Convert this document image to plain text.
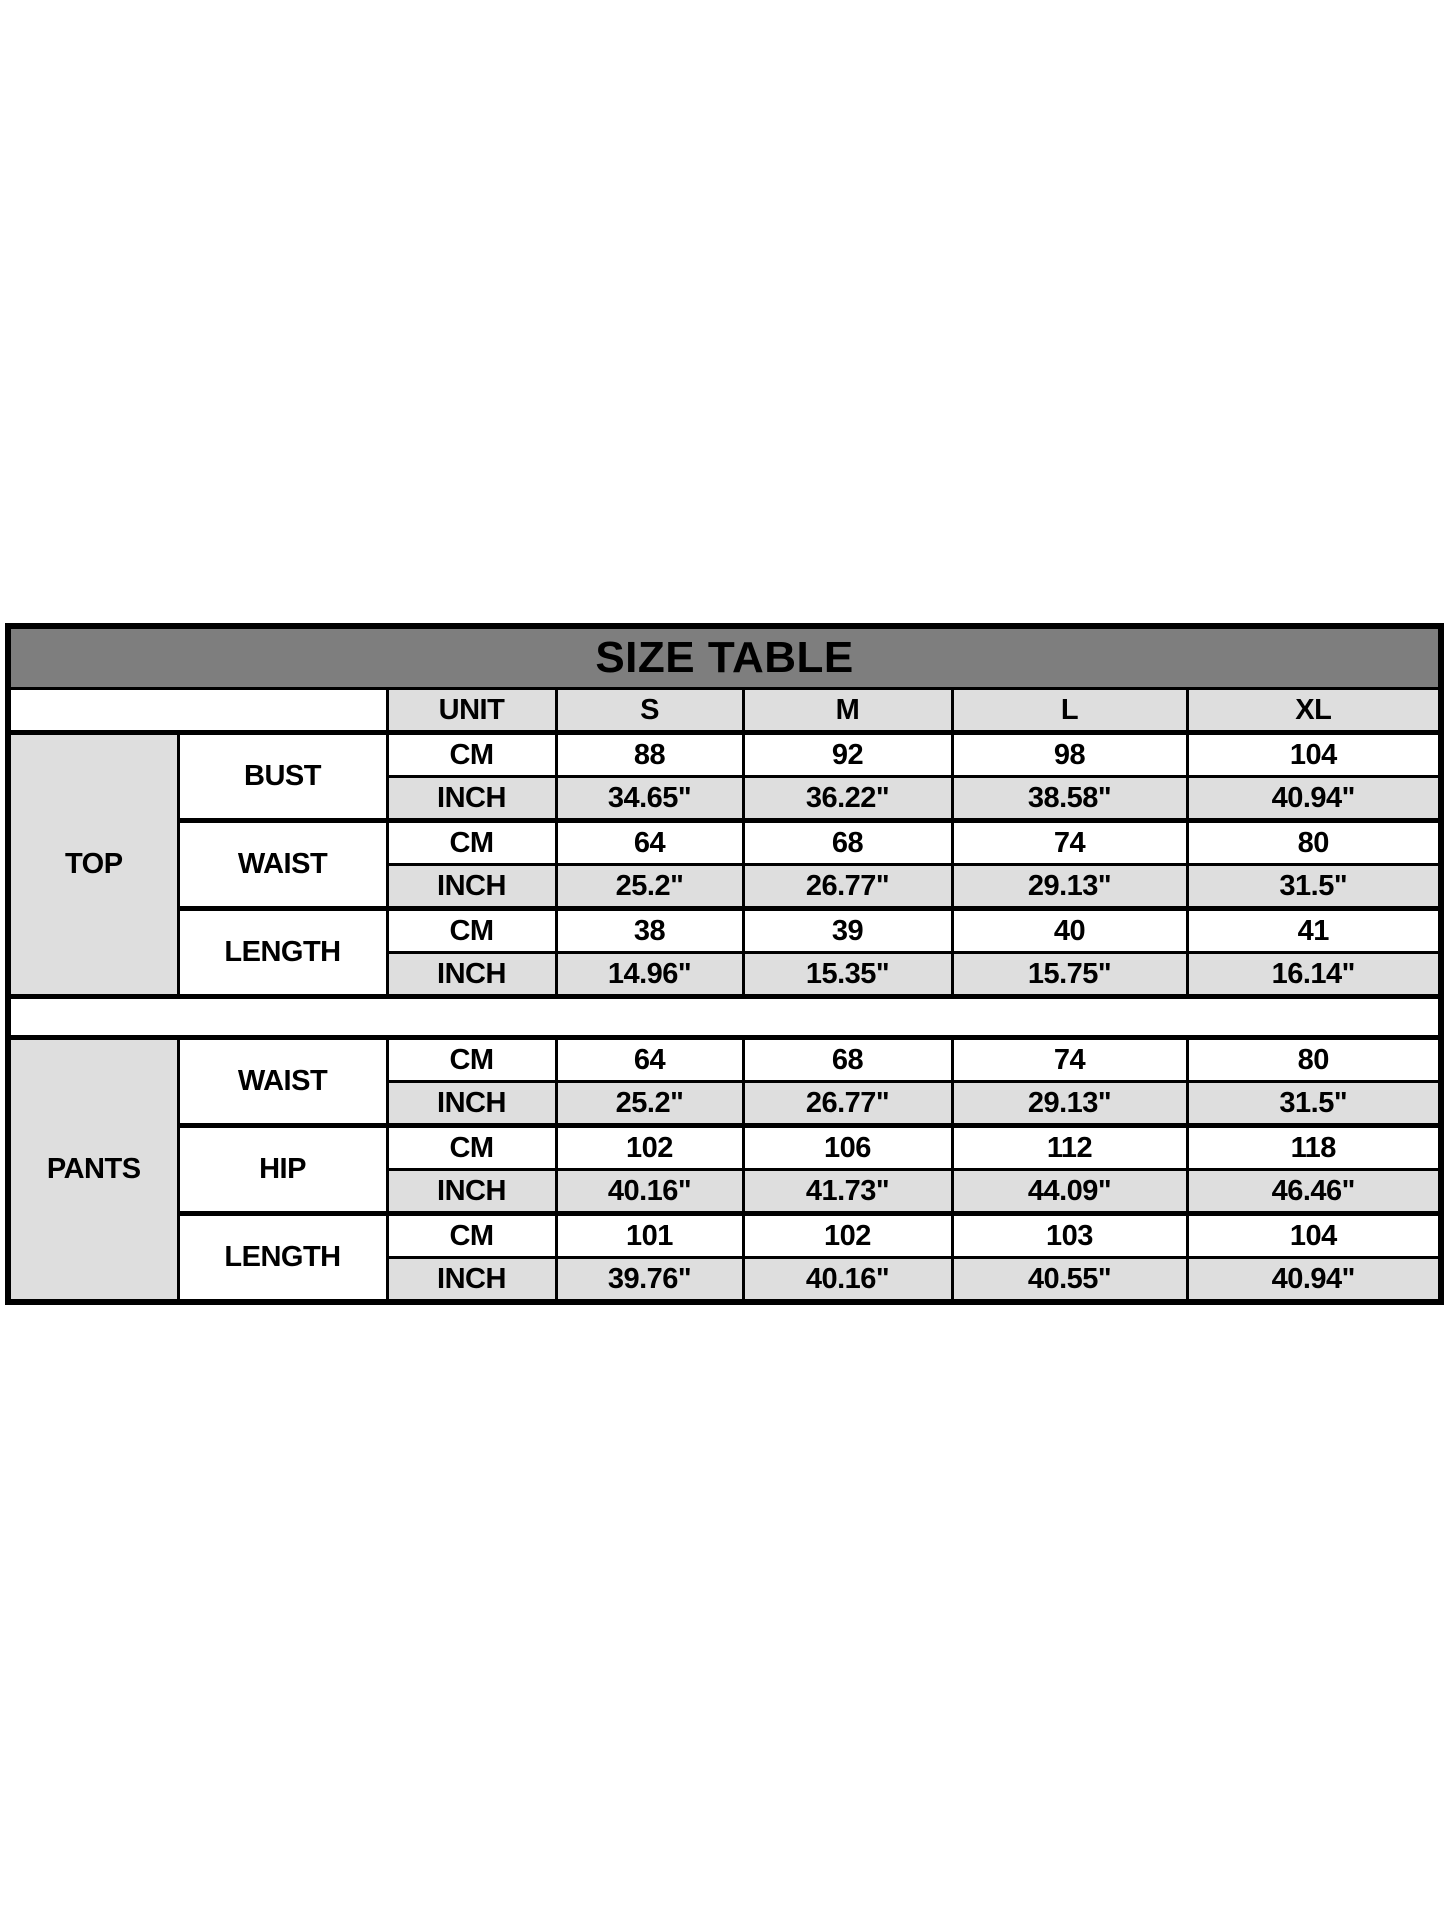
SIZE TABLE						
		UNIT	S	M	L	XL
TOP	BUST	CM	88	92	98	104
		INCH	34.65"	36.22"	38.58"	40.94"
	WAIST	CM	64	68	74	80
		INCH	25.2"	26.77"	29.13"	31.5"
	LENGTH	CM	38	39	40	41
		INCH	14.96"	15.35"	15.75"	16.14"

PANTS	WAIST	CM	64	68	74	80
		INCH	25.2"	26.77"	29.13"	31.5"
	HIP	CM	102	106	112	118
		INCH	40.16"	41.73"	44.09"	46.46"
	LENGTH	CM	101	102	103	104
		INCH	39.76"	40.16"	40.55"	40.94"
